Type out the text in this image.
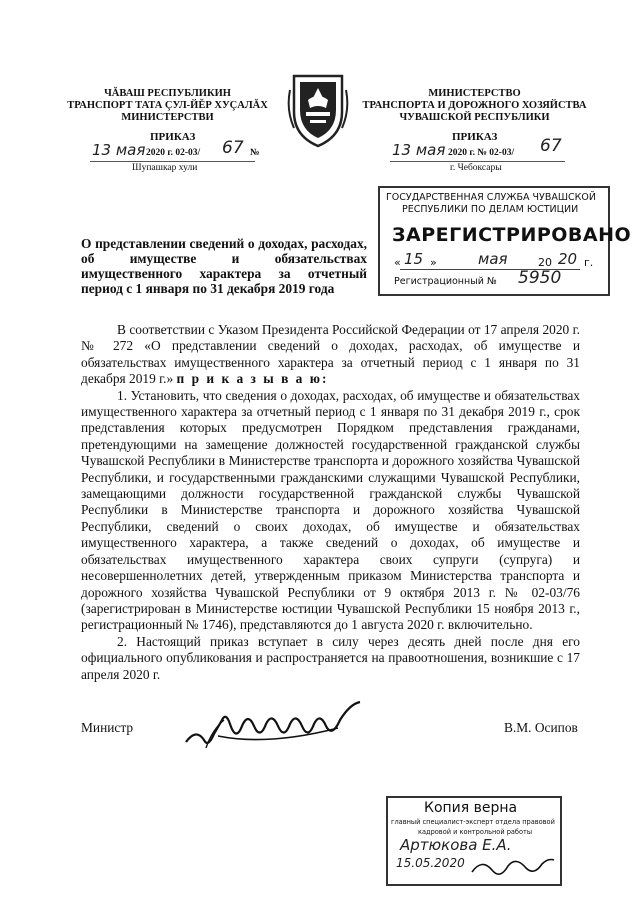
ЧĂВАШ РЕСПУБЛИКИН
ТРАНСПОРТ ТАТА ÇУЛ-ЙĔР ХУÇАЛĂХ
МИНИСТЕРСТВИ
МИНИСТЕРСТВО
ТРАНСПОРТА И ДОРОЖНОГО ХОЗЯЙСТВА
ЧУВАШСКОЙ РЕСПУБЛИКИ
ПРИКАЗ
13 мая 2020 г. 02-03/ 67 №
Шупашкар хули
ПРИКАЗ
13 мая 2020 г. № 02-03/ 67
г. Чебоксары
ГОСУДАРСТВЕННАЯ СЛУЖБА ЧУВАШСКОЙ
РЕСПУБЛИКИ ПО ДЕЛАМ ЮСТИЦИИ
ЗАРЕГИСТРИРОВАНО
« 15 »	мая	20 20 г.
Регистрационный № 5950
О представлении сведений о доходах, расходах, об имуществе и обязательствах имущественного характера за отчетный период с 1 января по 31 декабря 2019 года

В соответствии с Указом Президента Российской Федерации от 17 апреля 2020 г. № 272 «О представлении сведений о доходах, расходах, об имуществе и обязательствах имущественного характера за отчетный период с 1 января по 31 декабря 2019 г.» п р и к а з ы в а ю:

1. Установить, что сведения о доходах, расходах, об имуществе и обязательствах имущественного характера за отчетный период с 1 января по 31 декабря 2019 г., срок представления которых предусмотрен Порядком представления гражданами, претендующими на замещение должностей государственной гражданской службы Чувашской Республики в Министерстве транспорта и дорожного хозяйства Чувашской Республики, и государственными гражданскими служащими Чувашской Республики, замещающими должности государственной гражданской службы Чувашской Республики в Министерстве транспорта и дорожного хозяйства Чувашской Республики, сведений о своих доходах, об имуществе и обязательствах имущественного характера, а также сведений о доходах, об имуществе и обязательствах имущественного характера своих супруги (супруга) и несовершеннолетних детей, утвержденным приказом Министерства транспорта и дорожного хозяйства Чувашской Республики от 9 октября 2013 г. № 02-03/76 (зарегистрирован в Министерстве юстиции Чувашской Республики 15 ноября 2013 г., регистрационный № 1746), представляются до 1 августа 2020 г. включительно.

2. Настоящий приказ вступает в силу через десять дней после дня его официального опубликования и распространяется на правоотношения, возникшие с 17 апреля 2020 г.

Министр	В.М. Осипов
Копия верна
главный специалист-эксперт отдела правовой
кадровой и контрольной работы
Артюкова Е.А.
15.05.2020
